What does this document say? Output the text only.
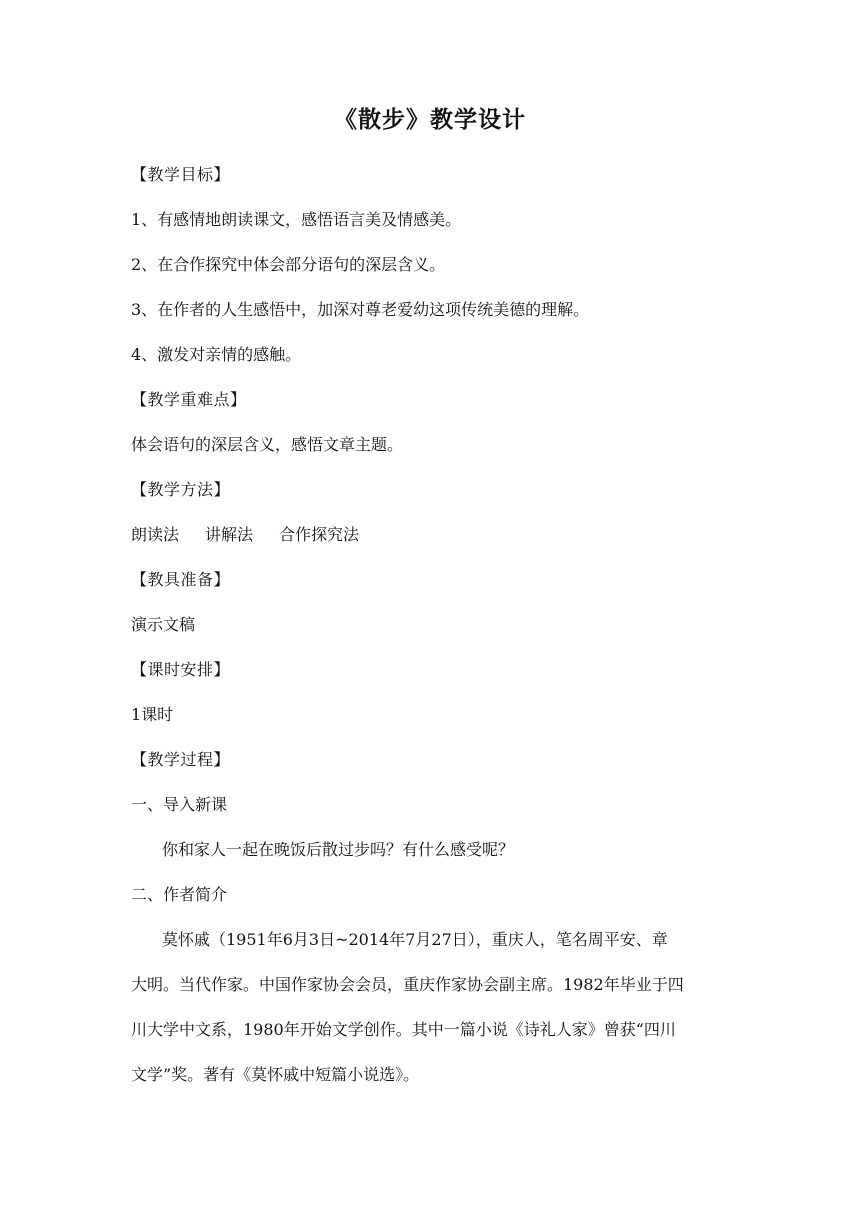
《散步》教学设计
【教学目标】
1、有感情地朗读课文，感悟语言美及情感美。
2、在合作探究中体会部分语句的深层含义。
3、在作者的人生感悟中，加深对尊老爱幼这项传统美德的理解。
4、激发对亲情的感触。
【教学重难点】
体会语句的深层含义，感悟文章主题。
【教学方法】
朗读法 讲解法 合作探究法
【教具准备】
演示文稿
【课时安排】
1课时
【教学过程】
一、导入新课
你和家人一起在晚饭后散过步吗？有什么感受呢？
二、作者简介
莫怀戚（1951年6月3日~2014年7月27日），重庆人，笔名周平安、章
大明。当代作家。中国作家协会会员，重庆作家协会副主席。1982年毕业于四
川大学中文系，1980年开始文学创作。其中一篇小说《诗礼人家》曾获“四川
文学”奖。著有《莫怀戚中短篇小说选》。
